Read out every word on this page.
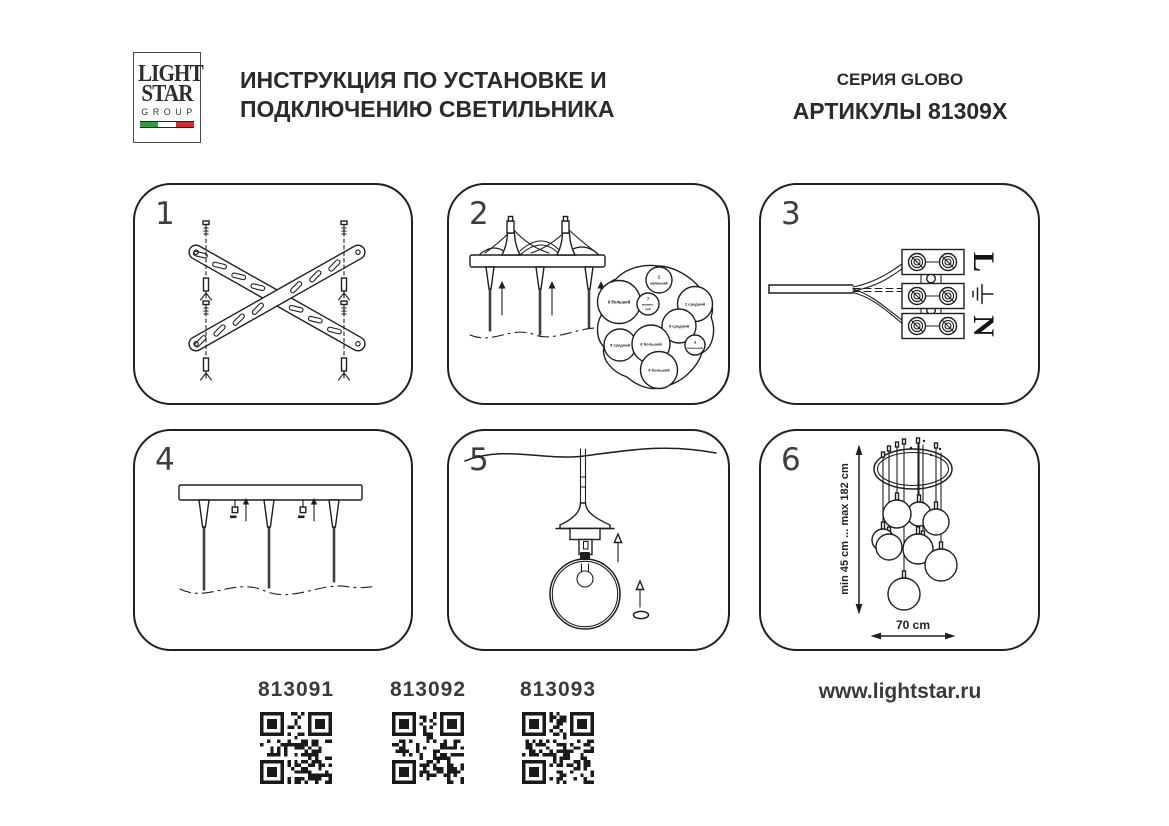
LIGHT
STAR
GROUP
ИНСТРУКЦИЯ ПО УСТАНОВКЕ И
ПОДКЛЮЧЕНИЮ СВЕТИЛЬНИКА
СЕРИЯ GLOBO
АРТИКУЛЫ 81309X
1	2
1
маленький
2 средний
3
маленький
4 большой
5 средний
6 большой
7
малень-
кий
8 большой
9 средний
3
L
N
4	5	6
min 45 cm ... max 182 cm
70 cm
813091	813092	813093	www.lightstar.ru
